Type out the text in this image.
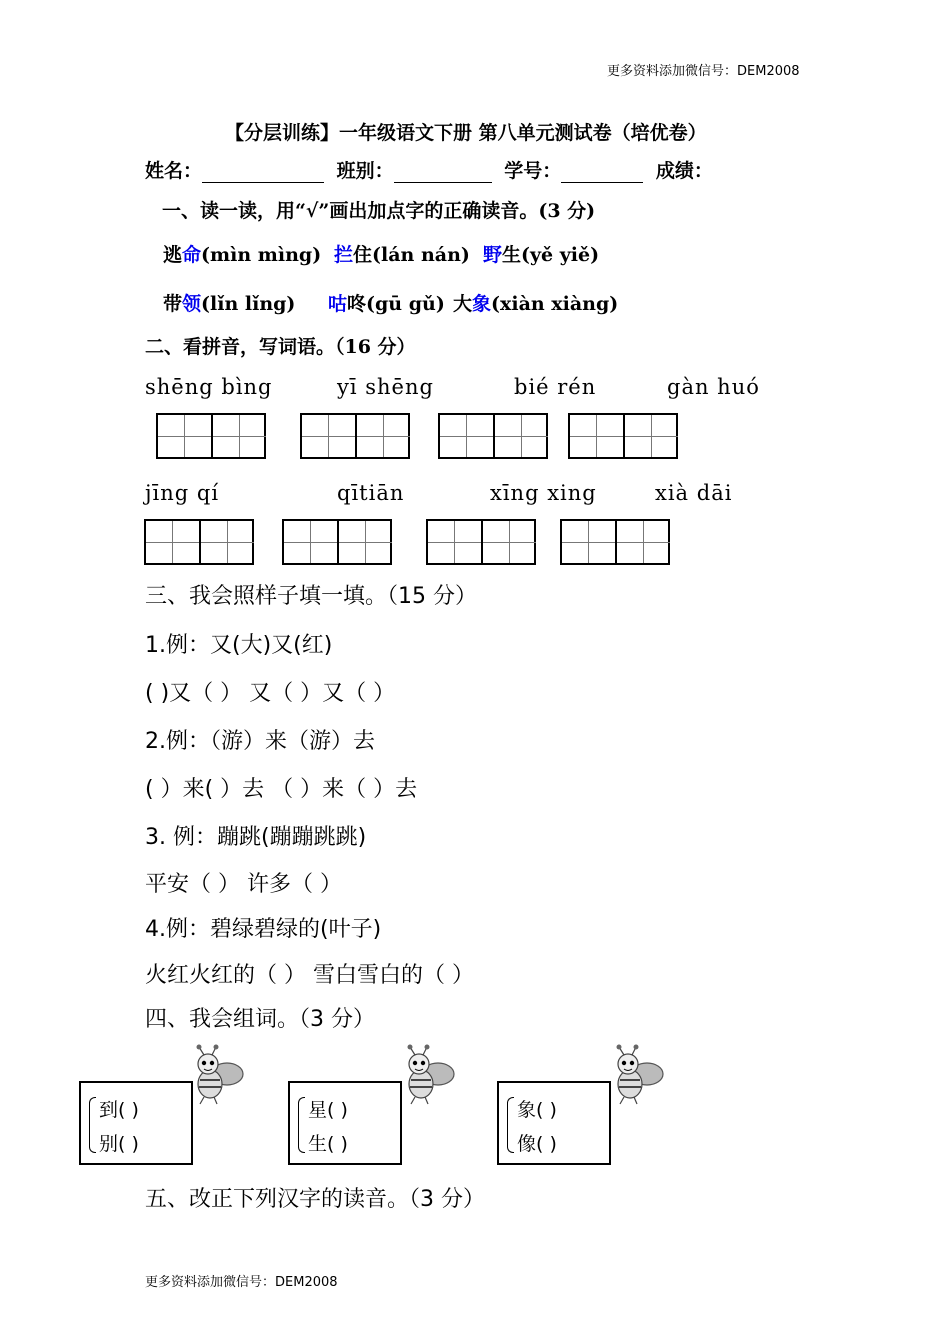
更多资料添加微信号：DEM2008
【分层训练】一年级语文下册 第八单元测试卷（培优卷）
姓名：	班别：	学号：	成绩：
一、读一读，用“√”画出加点字的正确读音。(3 分)
逃命(mìn mìng) 拦住(lán nán) 野生(yě yiě)
带领(lǐn lǐng) 咕咚(gū gǔ) 大象(xiàn xiàng)
二、看拼音，写词语。（16 分）
shēng bìng	yī shēng	bié rén	gàn huó
jīng qí	qītiān	xīng xing	xià dāi
三、我会照样子填一填。（15 分）
1.例：又(大)又(红)
( )又（ ） 又（ ）又（ ）
2.例：（游）来（游）去
( ）来( ）去 （ ）来（ ）去
3. 例：蹦跳(蹦蹦跳跳)
平安（ ） 许多（ ）
4.例：碧绿碧绿的(叶子)
火红火红的（ ） 雪白雪白的（ ）
四、我会组词。（3 分）
到( )
别( )
星( )
生( )
象( )
像( )
五、改正下列汉字的读音。（3 分）
更多资料添加微信号：DEM2008
